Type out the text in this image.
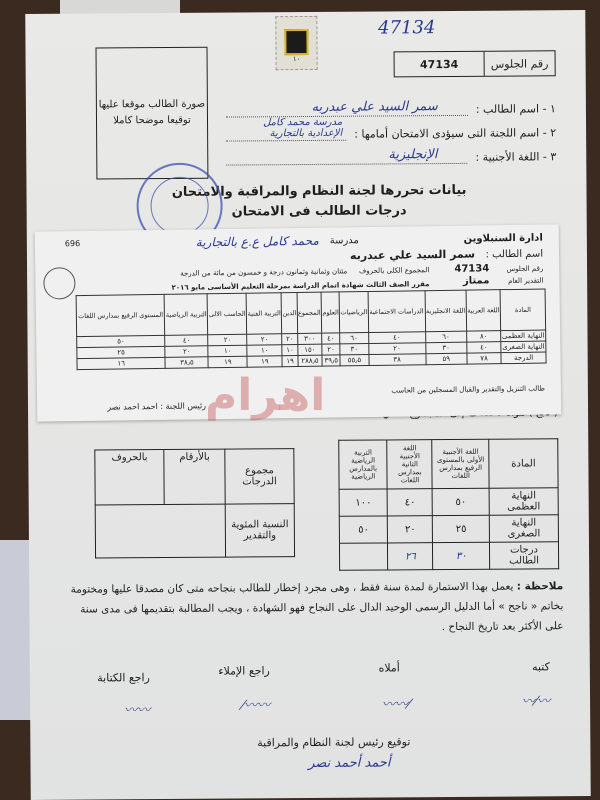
47134
١٠	رقم الجلوس
47134
صورة الطالب موقعا عليها
توقيعا موضحا كاملا
١ - اسم الطالب :
سمر السيد علي عبدربه
٢ - اسم اللجنة التى سيؤدى الامتحان أمامها :
مدرسة محمد كامل الإعدادية بالتجارية
٣ - اللغة الأجنبية :
الإنجليزية
بيانات تحررها لجنة النظام والمراقبة والامتحان
درجات الطالب فى الامتحان
المادة	اللغة الأجنبية الأولى بالمستوى الرفيع بمدارس اللغات	اللغة الأجنبية الثانية بمدارس اللغات	التربية الرياضية بالمدارس الرياضية
النهاية العظمى	٥٠	٤٠	١٠٠
النهاية الصغرى	٢٥	٢٠	٥٠
درجات الطالب	٣٠	٢٦	
مجموع الدرجات	بالأرقام	بالحروف
النسبة المئوية والتقدير		
ملاحظة : يعمل بهذا الاستمارة لمدة سنة فقط ، وهى مجرد إخطار للطالب بنجاحه متى كان مصدقا عليها ومختومة بخاتم « ناجح » أما الدليل الرسمى الوحيد الدال على النجاح فهو الشهادة ، ويجب المطالبة بتقديمها فى مدى سنة على الأكثر بعد تاريخ النجاح .
كتبه
أملاه
راجع الإملاء
راجع الكتابة
〰⁄〰
〰〰⁄
⁄〰〰
〰〰
توقيع رئيس لجنة النظام والمراقبة
أحمد أحمد نصر
ادارة السنبلاوين
مدرسة
محمد كامل ع.ع بالتجارية
696
اسم الطالب :
سمر السيد علي عبدربه
رقم الجلوس
47134
المجموع الكلى بالحروف
مئتان وثمانية وثمانون درجة و خمسون من مائة من الدرجة
التقدير العام
ممتاز
مقرر الصف الثالث شهادة اتمام الدراسة بمرحلة التعليم الأساسى مايو ٢٠١٦
المادة	اللغة العربية	اللغة الانجليزية	الدراسات الاجتماعية	الرياضيات	العلوم	المجموع	الدين	التربية الفنية	الحاسب الالى	التربية الرياضية	المستوى الرفيع بمدارس اللغات
النهاية العظمى	٨٠	٦٠	٤٠	٦٠	٤٠	٣٠٠	٢٠	٢٠	٢٠	٤٠	٥٠
النهاية الصغرى	٤٠	٣٠	٢٠	٣٠	٢٠	١٥٠	١٠	١٠	١٠	٢٠	٢٥
الدرجة	٧٨	٥٩	٣٨	٥٥٫٥	٣٩٫٥	٢٨٨٫٥	١٩	١٩	١٩	٣٨٫٥	١٦
طالب التنزيل والتقدير والقبال المسجلين من الحاسب
رئيس اللجنة : احمد احمد نصر
اهرام
